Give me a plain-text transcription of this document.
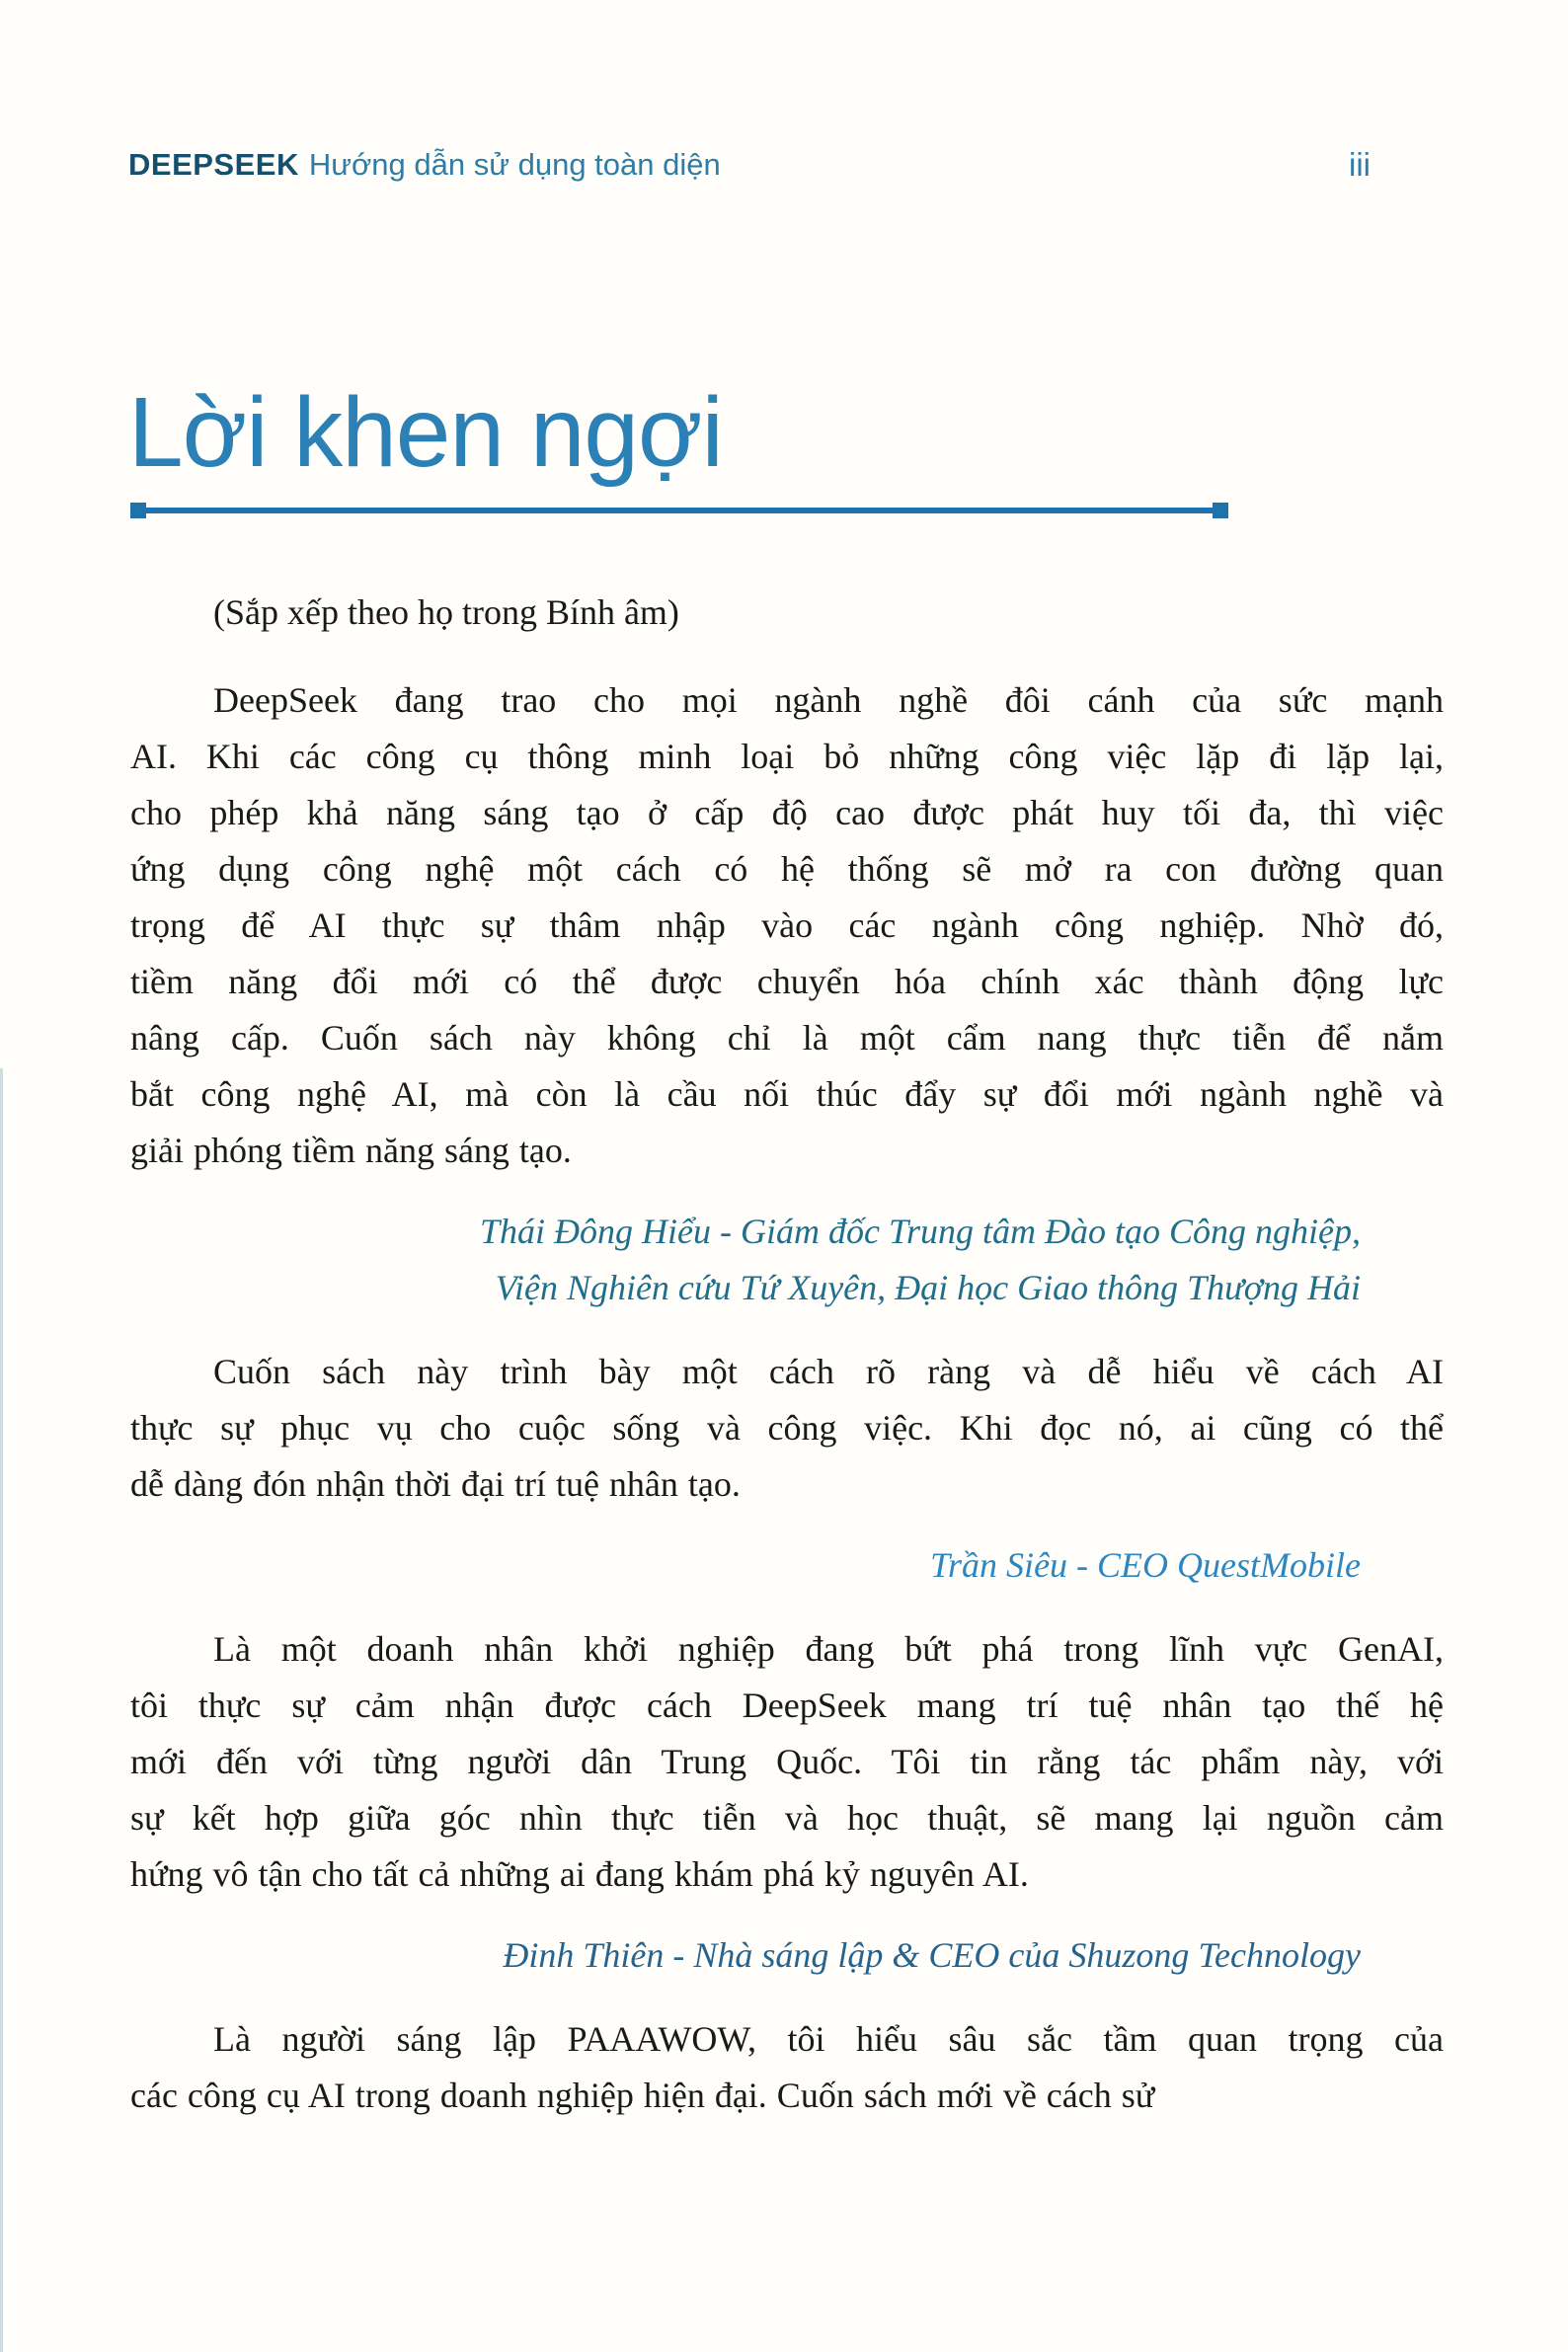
DEEPSEEK Hướng dẫn sử dụng toàn diện	iii
Lời khen ngợi
(Sắp xếp theo họ trong Bính âm)
DeepSeek đang trao cho mọi ngành nghề đôi cánh của sức mạnh
AI. Khi các công cụ thông minh loại bỏ những công việc lặp đi lặp lại,
cho phép khả năng sáng tạo ở cấp độ cao được phát huy tối đa, thì việc
ứng dụng công nghệ một cách có hệ thống sẽ mở ra con đường quan
trọng để AI thực sự thâm nhập vào các ngành công nghiệp. Nhờ đó,
tiềm năng đổi mới có thể được chuyển hóa chính xác thành động lực
nâng cấp. Cuốn sách này không chỉ là một cẩm nang thực tiễn để nắm
bắt công nghệ AI, mà còn là cầu nối thúc đẩy sự đổi mới ngành nghề và
giải phóng tiềm năng sáng tạo.
Thái Đông Hiểu - Giám đốc Trung tâm Đào tạo Công nghiệp,
Viện Nghiên cứu Tứ Xuyên, Đại học Giao thông Thượng Hải
Cuốn sách này trình bày một cách rõ ràng và dễ hiểu về cách AI
thực sự phục vụ cho cuộc sống và công việc. Khi đọc nó, ai cũng có thể
dễ dàng đón nhận thời đại trí tuệ nhân tạo.
Trần Siêu - CEO QuestMobile
Là một doanh nhân khởi nghiệp đang bứt phá trong lĩnh vực GenAI,
tôi thực sự cảm nhận được cách DeepSeek mang trí tuệ nhân tạo thế hệ
mới đến với từng người dân Trung Quốc. Tôi tin rằng tác phẩm này, với
sự kết hợp giữa góc nhìn thực tiễn và học thuật, sẽ mang lại nguồn cảm
hứng vô tận cho tất cả những ai đang khám phá kỷ nguyên AI.
Đinh Thiên - Nhà sáng lập & CEO của Shuzong Technology
Là người sáng lập PAAAWOW, tôi hiểu sâu sắc tầm quan trọng của
các công cụ AI trong doanh nghiệp hiện đại. Cuốn sách mới về cách sử
